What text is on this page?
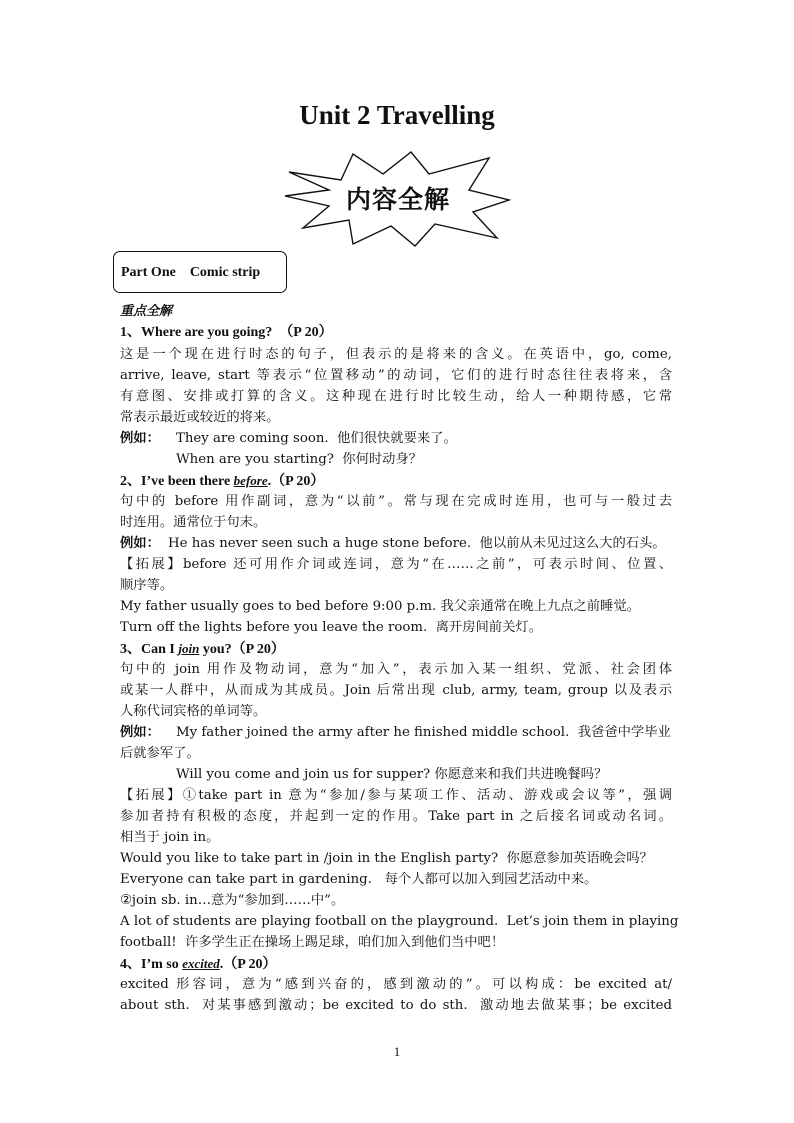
Unit 2 Travelling
内容全解
Part One    Comic strip
重点全解
1、Where are you going?  （P 20）
这是一个现在进行时态的句子，但表示的是将来的含义。在英语中，go, come,
arrive, leave, start 等表示“位置移动”的动词，它们的进行时态往往表将来，含
有意图、安排或打算的含义。这种现在进行时比较生动，给人一种期待感，它常
常表示最近或较近的将来。
例如： They are coming soon.  他们很快就要来了。
When are you starting?  你何时动身？
2、I’ve been there before.（P 20）
句中的 before 用作副词，意为“以前”。常与现在完成时连用，也可与一般过去
时连用。通常位于句末。
例如： He has never seen such a huge stone before.  他以前从未见过这么大的石头。
【拓展】before 还可用作介词或连词，意为“在……之前”，可表示时间、位置、
顺序等。
My father usually goes to bed before 9:00 p.m. 我父亲通常在晚上九点之前睡觉。
Turn off the lights before you leave the room.  离开房间前关灯。
3、Can I join you?（P 20）
句中的 join 用作及物动词，意为“加入”，表示加入某一组织、党派、社会团体
或某一人群中，从而成为其成员。Join 后常出现 club, army, team, group 以及表示
人称代词宾格的单词等。
例如： My father joined the army after he finished middle school.  我爸爸中学毕业
后就参军了。
Will you come and join us for supper? 你愿意来和我们共进晚餐吗？
【拓展】①take part in 意为“参加/参与某项工作、活动、游戏或会议等”，强调
参加者持有积极的态度，并起到一定的作用。Take part in 之后接名词或动名词。
相当于 join in。
Would you like to take part in /join in the English party?  你愿意参加英语晚会吗？
Everyone can take part in gardening.   每个人都可以加入到园艺活动中来。
②join sb. in…意为“参加到……中”。
A lot of students are playing football on the playground.  Let’s join them in playing
football!  许多学生正在操场上踢足球，咱们加入到他们当中吧！
4、I’m so excited.（P 20）
excited 形容词，意为“感到兴奋的，感到激动的”。可以构成：be excited at/
about sth.  对某事感到激动；be excited to do sth.  激动地去做某事；be excited
1
